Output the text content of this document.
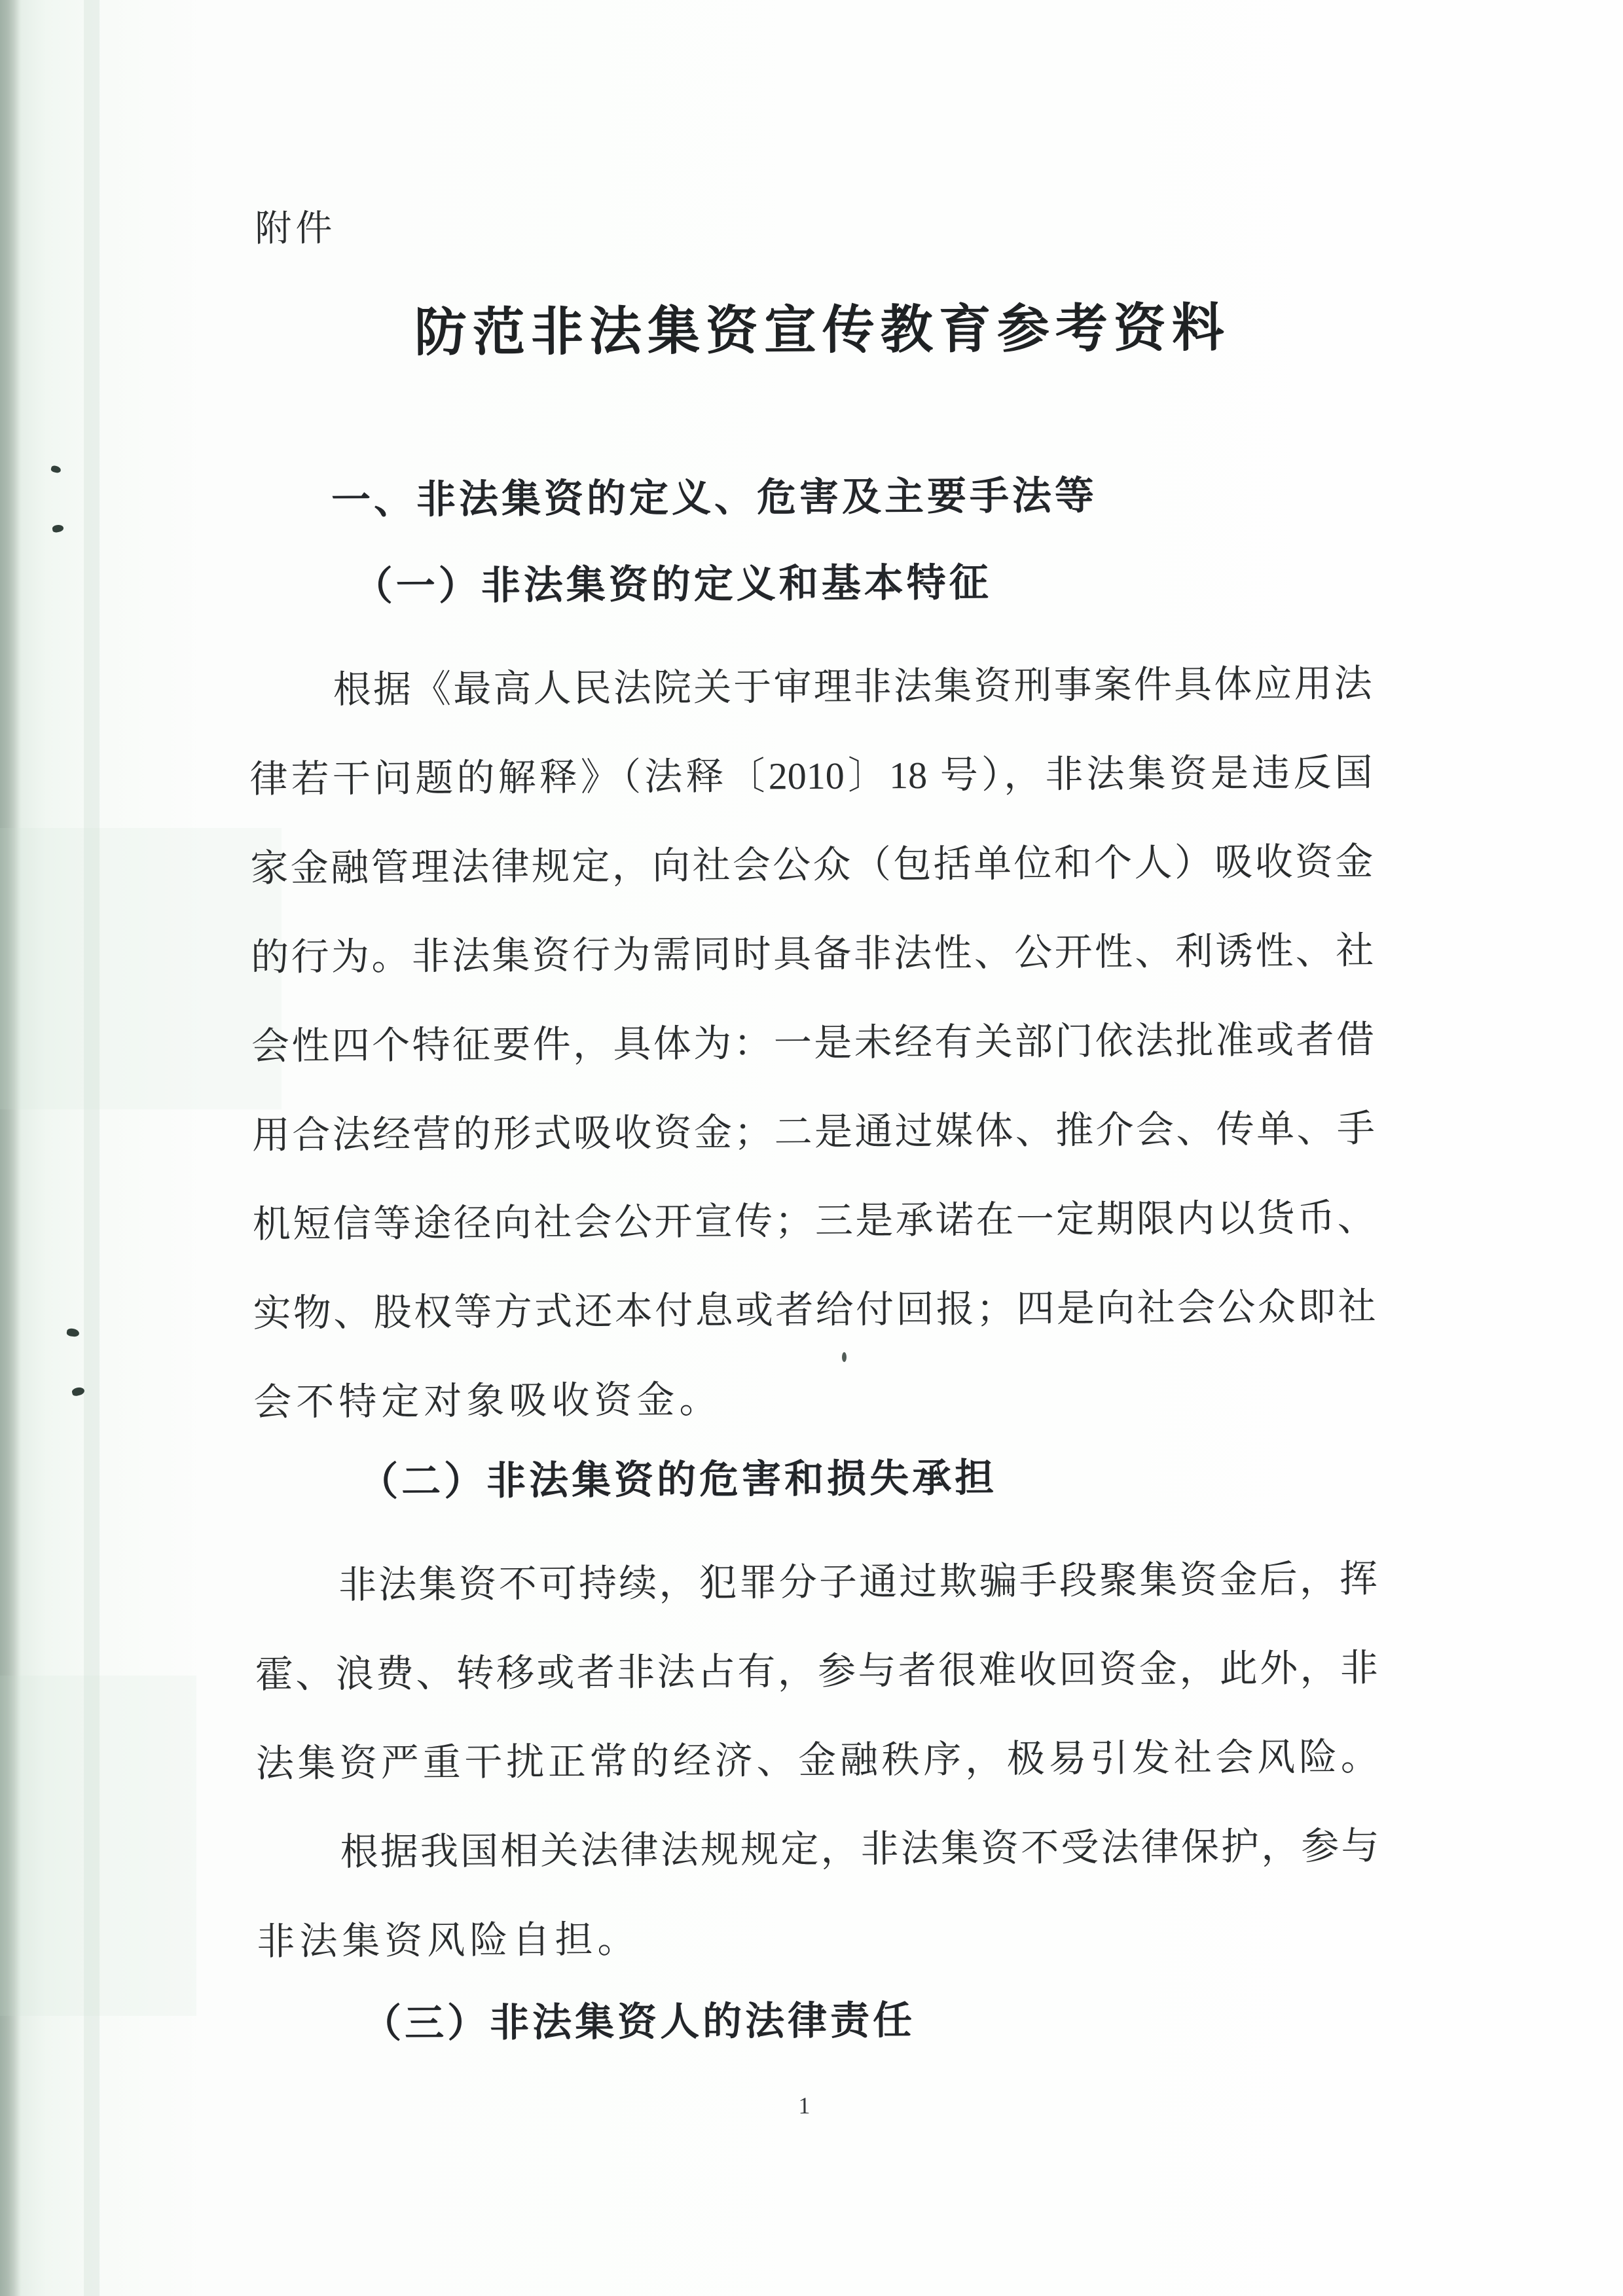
附件
防范非法集资宣传教育参考资料
一、非法集资的定义、危害及主要手法等
（一）非法集资的定义和基本特征
根据《最高人民法院关于审理非法集资刑事案件具体应用法
律若干问题的解释》（法释〔2010〕18 号），非法集资是违反国
家金融管理法律规定，向社会公众（包括单位和个人）吸收资金
的行为。非法集资行为需同时具备非法性、公开性、利诱性、社
会性四个特征要件，具体为：一是未经有关部门依法批准或者借
用合法经营的形式吸收资金；二是通过媒体、推介会、传单、手
机短信等途径向社会公开宣传；三是承诺在一定期限内以货币、
实物、股权等方式还本付息或者给付回报；四是向社会公众即社
会不特定对象吸收资金。
（二）非法集资的危害和损失承担
非法集资不可持续，犯罪分子通过欺骗手段聚集资金后，挥
霍、浪费、转移或者非法占有，参与者很难收回资金，此外，非
法集资严重干扰正常的经济、金融秩序，极易引发社会风险。
根据我国相关法律法规规定，非法集资不受法律保护，参与
非法集资风险自担。
（三）非法集资人的法律责任
1
